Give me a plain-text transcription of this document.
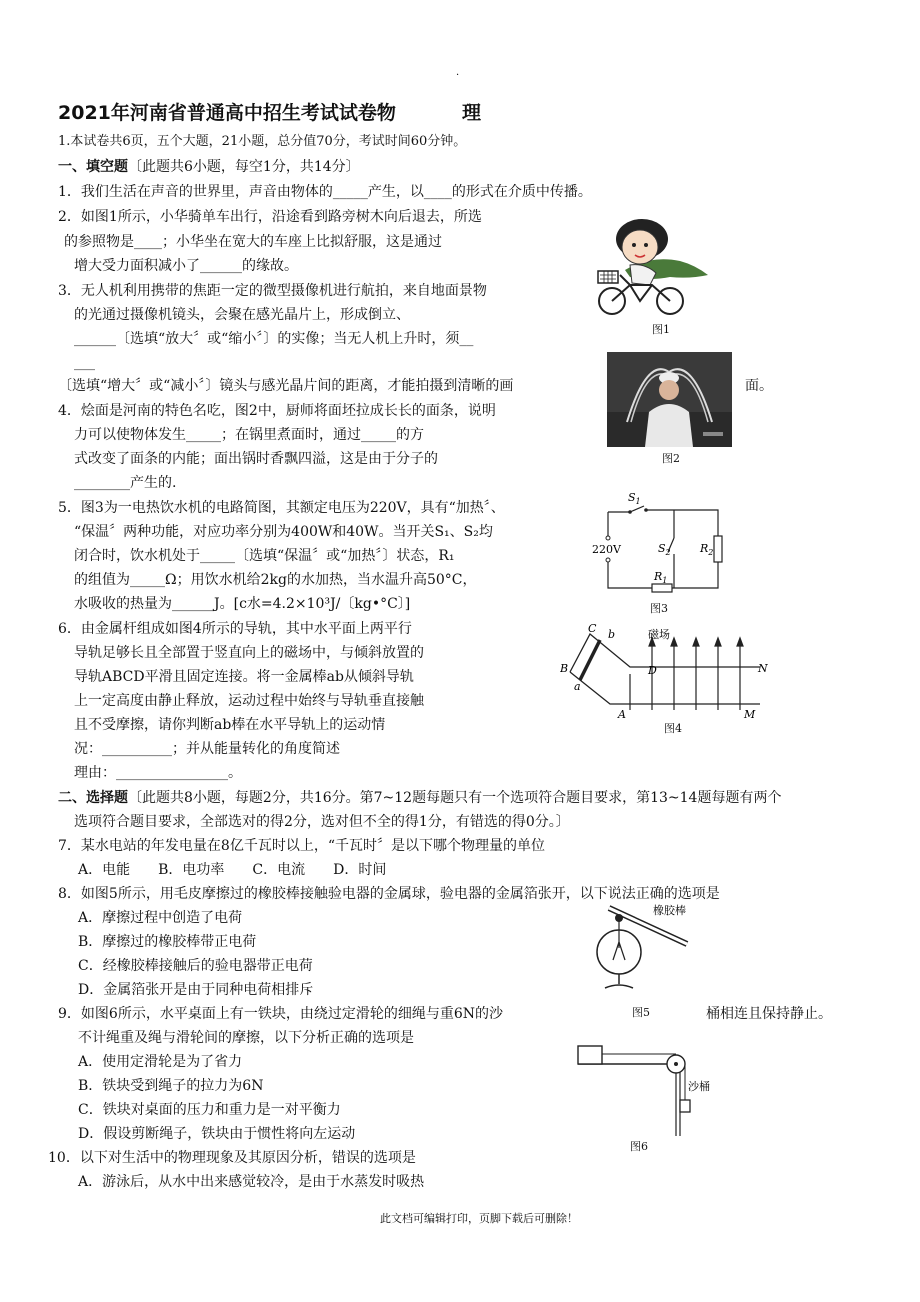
·
2021年河南省普通高中招生考试试卷物	理
1.本试卷共6页，五个大题，21小题，总分值70分，考试时间60分钟。
一、填空题〔此题共6小题，每空1分，共14分〕
1．我们生活在声音的世界里，声音由物体的_____产生，以____的形式在介质中传播。
2．如图1所示，小华骑单车出行，沿途看到路旁树木向后退去，所选
的参照物是____；小华坐在宽大的车座上比拟舒服，这是通过
增大受力面积减小了______的缘故。
3．无人机利用携带的焦距一定的微型摄像机进行航拍，来自地面景物
的光通过摄像机镜头，会聚在感光晶片上，形成倒立、
______〔选填“放大〞或“缩小〞〕的实像；当无人机上升时，须__
___
〔选填“增大〞或“减小〞〕镜头与感光晶片间的距离，才能拍摄到清晰的画	面。
4．烩面是河南的特色名吃，图2中，厨师将面坯拉成长长的面条，说明
力可以使物体发生_____；在锅里煮面时，通过_____的方
式改变了面条的内能；面出锅时香飘四溢，这是由于分子的
________产生的.
5．图3为一电热饮水机的电路简图，其额定电压为220V，具有“加热〞、
“保温〞两种功能，对应功率分别为400W和40W。当开关S₁、S₂均
闭合时，饮水机处于_____〔选填“保温〞或“加热〞〕状态，R₁
的组值为_____Ω；用饮水机给2kg的水加热，当水温升高50°C，
水吸收的热量为______J。[c水=4.2×10³J/〔kg•°C〕]
6．由金属杆组成如图4所示的导轨，其中水平面上两平行
导轨足够长且全部置于竖直向上的磁场中，与倾斜放置的
导轨ABCD平滑且固定连接。将一金属棒ab从倾斜导轨
上一定高度由静止释放，运动过程中始终与导轨垂直接触
且不受摩擦，请你判断ab棒在水平导轨上的运动情
况：__________；并从能量转化的角度简述
理由：________________。
二、选择题〔此题共8小题，每题2分，共16分。第7~12题每题只有一个选项符合题目要求，第13~14题每题有两个
选项符合题目要求，全部选对的得2分，选对但不全的得1分，有错选的得0分。〕
7．某水电站的年发电量在8亿千瓦时以上，“千瓦时〞是以下哪个物理量的单位
A．电能　　B．电功率　　C．电流　　D．时间
8．如图5所示，用毛皮摩擦过的橡胶棒接触验电器的金属球，验电器的金属箔张开，以下说法正确的选项是
A．摩擦过程中创造了电荷
B．摩擦过的橡胶棒带正电荷
C．经橡胶棒接触后的验电器带正电荷
D．金属箔张开是由于同种电荷相排斥
9．如图6所示，水平桌面上有一铁块，由绕过定滑轮的细绳与重6N的沙	桶相连且保持静止。
不计绳重及绳与滑轮间的摩擦，以下分析正确的选项是
A．使用定滑轮是为了省力
B．铁块受到绳子的拉力为6N
C．铁块对桌面的压力和重力是一对平衡力
D．假设剪断绳子，铁块由于惯性将向左运动
10．以下对生活中的物理现象及其原因分析，错误的选项是
A．游泳后，从水中出来感觉较冷，是由于水蒸发时吸热
图1
图2
$S_1$
$S_2$	$R_2$
$R_1$
220V
图3
C b
B
a
磁场
D	N
A	M
图4
橡胶棒
图5
沙桶
图6
此文档可编辑打印，页脚下载后可删除！
